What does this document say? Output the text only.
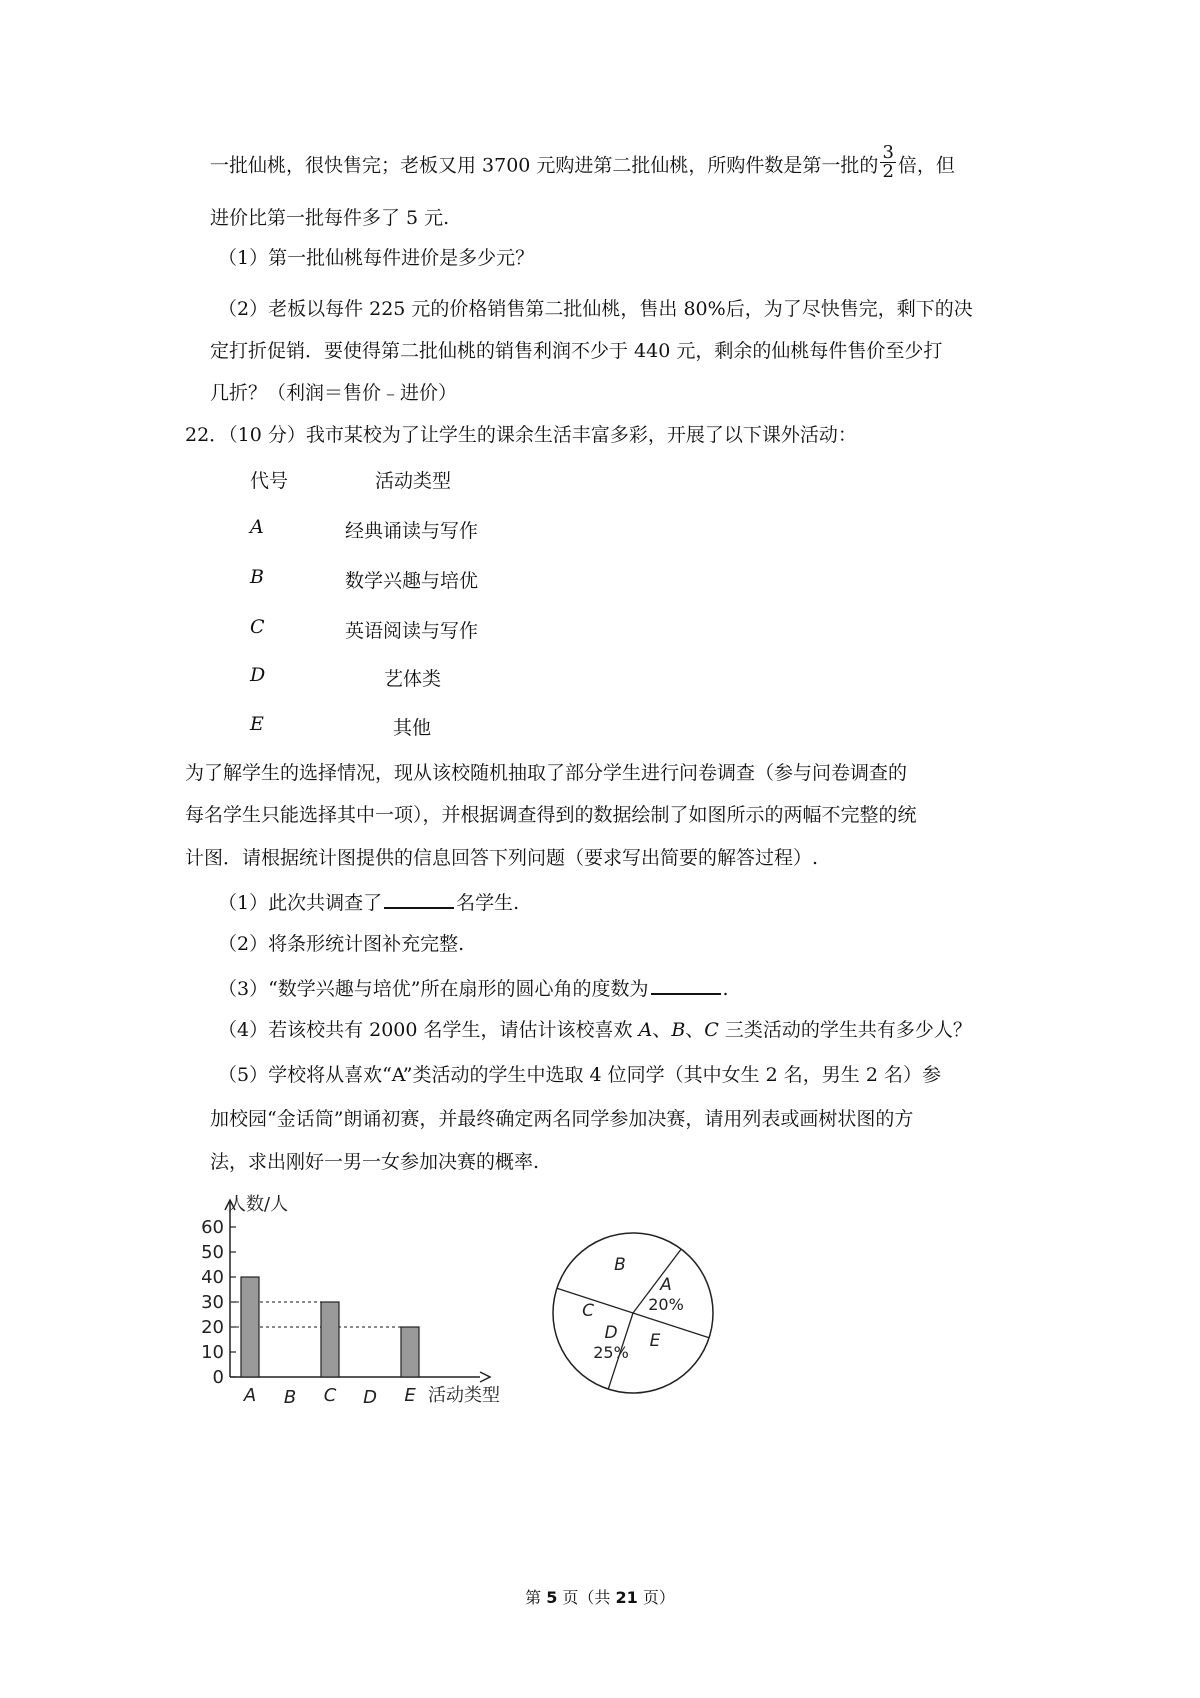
一批仙桃，很快售完；老板又用 3700 元购进第二批仙桃，所购件数是第一批的 $\frac{3}{2}$ 倍，但
进价比第一批每件多了 5 元.
（1）第一批仙桃每件进价是多少元？
（2）老板以每件 225 元的价格销售第二批仙桃，售出 80%后，为了尽快售完，剩下的决
定打折促销．要使得第二批仙桃的销售利润不少于 440 元，剩余的仙桃每件售价至少打
几折？（利润＝售价﹣进价）
22．（10 分）我市某校为了让学生的课余生活丰富多彩，开展了以下课外活动：
代号	活动类型
A	经典诵读与写作
B	数学兴趣与培优
C	英语阅读与写作
D	艺体类
E	其他
为了解学生的选择情况，现从该校随机抽取了部分学生进行问卷调查（参与问卷调查的
每名学生只能选择其中一项），并根据调查得到的数据绘制了如图所示的两幅不完整的统
计图．请根据统计图提供的信息回答下列问题（要求写出简要的解答过程）.
（1）此次共调查了	名学生.
（2）将条形统计图补充完整.
（3）“数学兴趣与培优”所在扇形的圆心角的度数为	.
（4）若该校共有 2000 名学生，请估计该校喜欢 A、B、C 三类活动的学生共有多少人？
（5）学校将从喜欢“A”类活动的学生中选取 4 位同学（其中女生 2 名，男生 2 名）参
加校园“金话筒”朗诵初赛，并最终确定两名同学参加决赛，请用列表或画树状图的方
法，求出刚好一男一女参加决赛的概率.
人数/人
0
10
20
30
40
50
60
A B C D E 活动类型
A
20%
B
C
D
25%
E
第 5 页（共 21 页）
